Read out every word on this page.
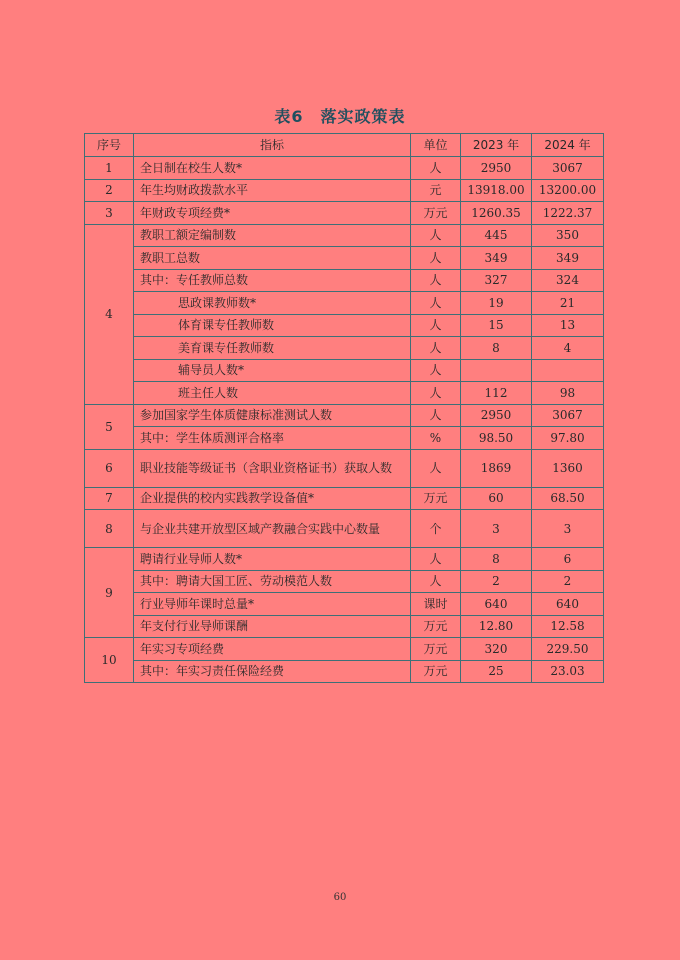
表6　落实政策表
序号	指标	单位	2023 年	2024 年
1	全日制在校生人数*	人	2950	3067
2	年生均财政拨款水平	元	13918.00	13200.00
3	年财政专项经费*	万元	1260.35	1222.37
4	教职工额定编制数	人	445	350
	教职工总数	人	349	349
	其中：专任教师总数	人	327	324
	思政课教师数*	人	19	21
	体育课专任教师数	人	15	13
	美育课专任教师数	人	8	4
	辅导员人数*	人		
	班主任人数	人	112	98
5	参加国家学生体质健康标准测试人数	人	2950	3067
	其中：学生体质测评合格率	%	98.50	97.80
6	职业技能等级证书（含职业资格证书）获取人数	人	1869	1360
7	企业提供的校内实践教学设备值*	万元	60	68.50
8	与企业共建开放型区域产教融合实践中心数量	个	3	3
9	聘请行业导师人数*	人	8	6
	其中：聘请大国工匠、劳动模范人数	人	2	2
	行业导师年课时总量*	课时	640	640
	年支付行业导师课酬	万元	12.80	12.58
10	年实习专项经费	万元	320	229.50
	其中：年实习责任保险经费	万元	25	23.03
60
